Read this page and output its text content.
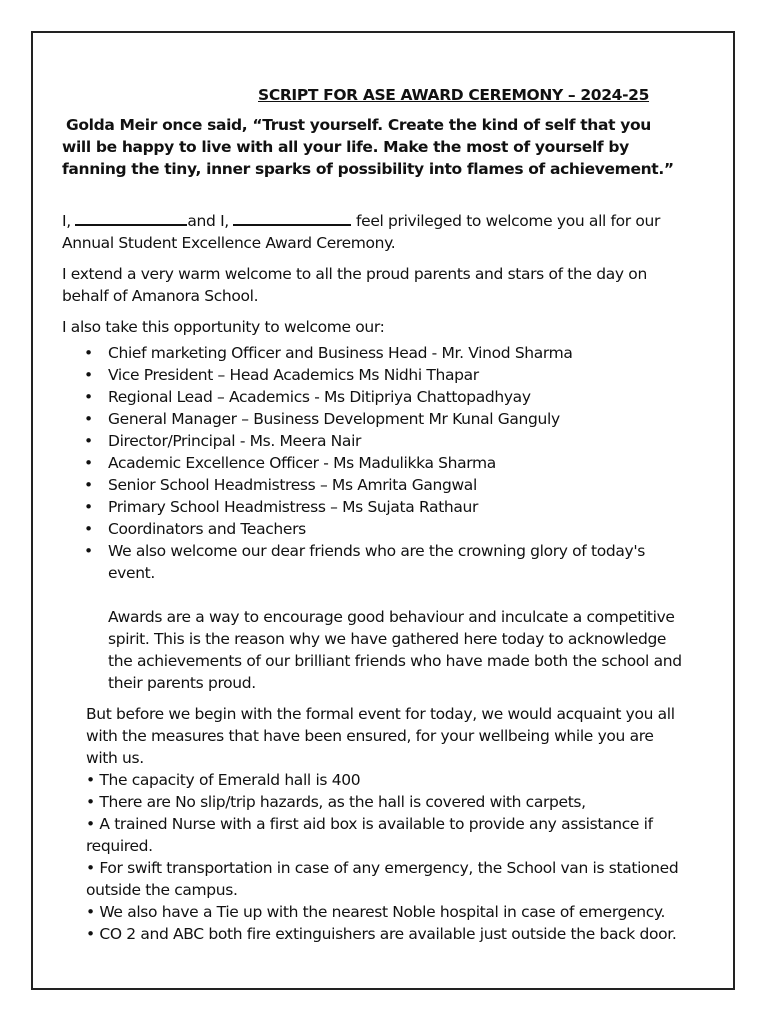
SCRIPT FOR ASE AWARD CEREMONY – 2024-25

Golda Meir once said, “Trust yourself. Create the kind of self that you will be happy to live with all your life. Make the most of yourself by fanning the tiny, inner sparks of possibility into flames of achievement.”

I,	and I,	feel privileged to welcome you all for our Annual Student Excellence Award Ceremony.

I extend a very warm welcome to all the proud parents and stars of the day on behalf of Amanora School.

I also take this opportunity to welcome our:

• Chief marketing Officer and Business Head - Mr. Vinod Sharma
• Vice President – Head Academics Ms Nidhi Thapar
• Regional Lead – Academics - Ms Ditipriya Chattopadhyay
• General Manager – Business Development Mr Kunal Ganguly
• Director/Principal - Ms. Meera Nair
• Academic Excellence Officer - Ms Madulikka Sharma
• Senior School Headmistress – Ms Amrita Gangwal
• Primary School Headmistress – Ms Sujata Rathaur
• Coordinators and Teachers
• We also welcome our dear friends who are the crowning glory of today's event.

Awards are a way to encourage good behaviour and inculcate a competitive spirit. This is the reason why we have gathered here today to acknowledge the achievements of our brilliant friends who have made both the school and their parents proud.

But before we begin with the formal event for today, we would acquaint you all with the measures that have been ensured, for your wellbeing while you are with us.

• The capacity of Emerald hall is 400
• There are No slip/trip hazards, as the hall is covered with carpets,
• A trained Nurse with a first aid box is available to provide any assistance if required.
• For swift transportation in case of any emergency, the School van is stationed outside the campus.
• We also have a Tie up with the nearest Noble hospital in case of emergency.
• CO 2 and ABC both fire extinguishers are available just outside the back door.
